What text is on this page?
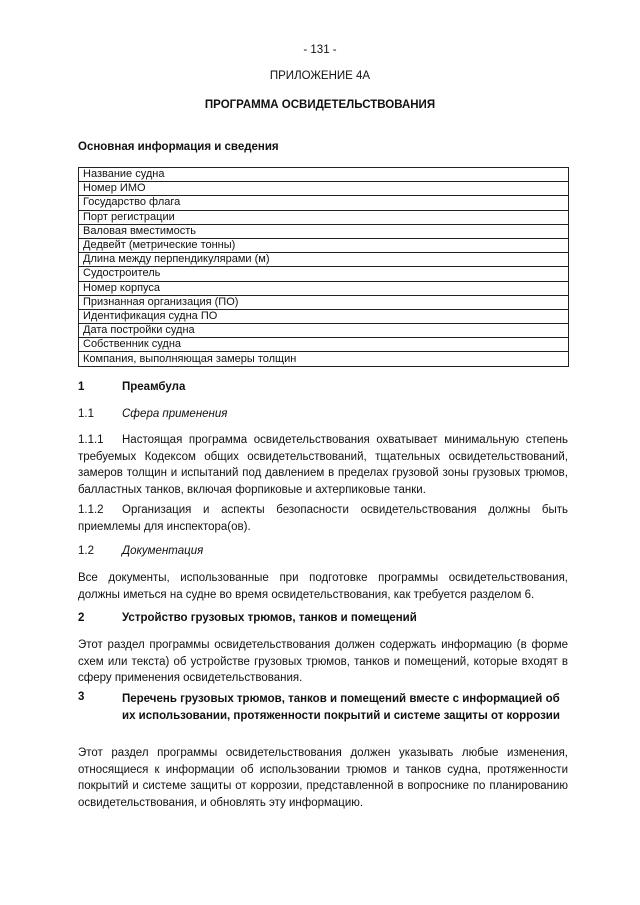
- 131 -
ПРИЛОЖЕНИЕ 4А
ПРОГРАММА ОСВИДЕТЕЛЬСТВОВАНИЯ
Основная информация и сведения
Название судна
Номер ИМО
Государство флага
Порт регистрации
Валовая вместимость
Дедвейт (метрические тонны)
Длина между перпендикулярами (м)
Судостроитель
Номер корпуса
Признанная организация (ПО)
Идентификация судна ПО
Дата постройки судна
Собственник судна
Компания, выполняющая замеры толщин
1	Преамбула
1.1 Сфера применения
1.1.1 Настоящая программа освидетельствования охватывает минимальную степень требуемых Кодексом общих освидетельствований, тщательных освидетельствований, замеров толщин и испытаний под давлением в пределах грузовой зоны грузовых трюмов, балластных танков, включая форпиковые и ахтерпиковые танки.
1.1.2 Организация и аспекты безопасности освидетельствования должны быть приемлемы для инспектора(ов).
1.2 Документация
Все документы, использованные при подготовке программы освидетельствования, должны иметься на судне во время освидетельствования, как требуется разделом 6.
2	Устройство грузовых трюмов, танков и помещений
Этот раздел программы освидетельствования должен содержать информацию (в форме схем или текста) об устройстве грузовых трюмов, танков и помещений, которые входят в сферу применения освидетельствования.
3	Перечень грузовых трюмов, танков и помещений вместе с информацией об их использовании, протяженности покрытий и системе защиты от коррозии
Этот раздел программы освидетельствования должен указывать любые изменения, относящиеся к информации об использовании трюмов и танков судна, протяженности покрытий и системе защиты от коррозии, представленной в вопроснике по планированию освидетельствования, и обновлять эту информацию.
